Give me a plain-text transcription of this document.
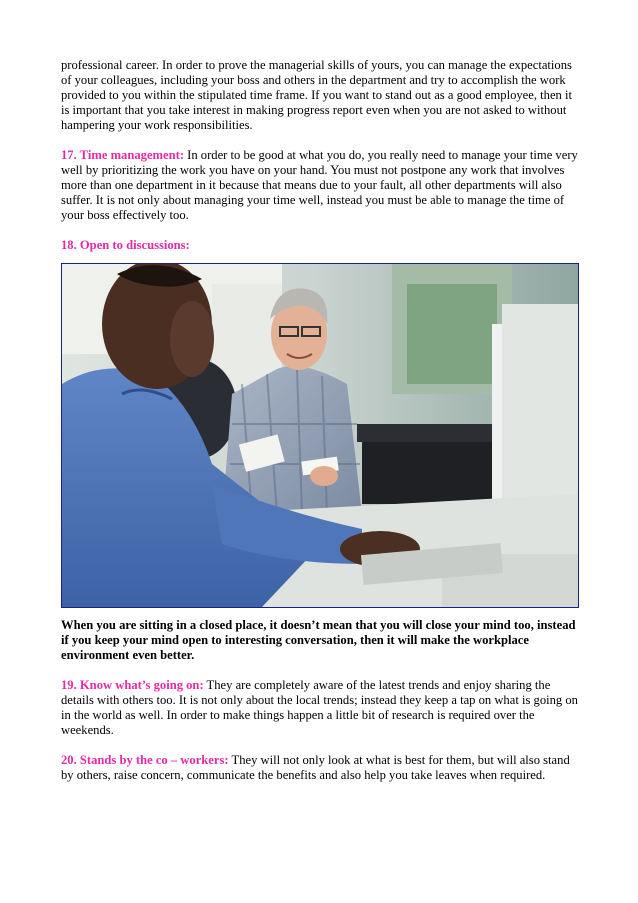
professional career. In order to prove the managerial skills of yours, you can manage the expectations of your colleagues, including your boss and others in the department and try to accomplish the work provided to you within the stipulated time frame. If you want to stand out as a good employee, then it is important that you take interest in making progress report even when you are not asked to without hampering your work responsibilities.

17. Time management: In order to be good at what you do, you really need to manage your time very well by prioritizing the work you have on your hand. You must not postpone any work that involves more than one department in it because that means due to your fault, all other departments will also suffer. It is not only about managing your time well, instead you must be able to manage the time of your boss effectively too.

18. Open to discussions:

When you are sitting in a closed place, it doesn’t mean that you will close your mind too, instead if you keep your mind open to interesting conversation, then it will make the workplace environment even better.

19. Know what’s going on: They are completely aware of the latest trends and enjoy sharing the details with others too. It is not only about the local trends; instead they keep a tap on what is going on in the world as well. In order to make things happen a little bit of research is required over the weekends.

20. Stands by the co – workers: They will not only look at what is best for them, but will also stand by others, raise concern, communicate the benefits and also help you take leaves when required.
